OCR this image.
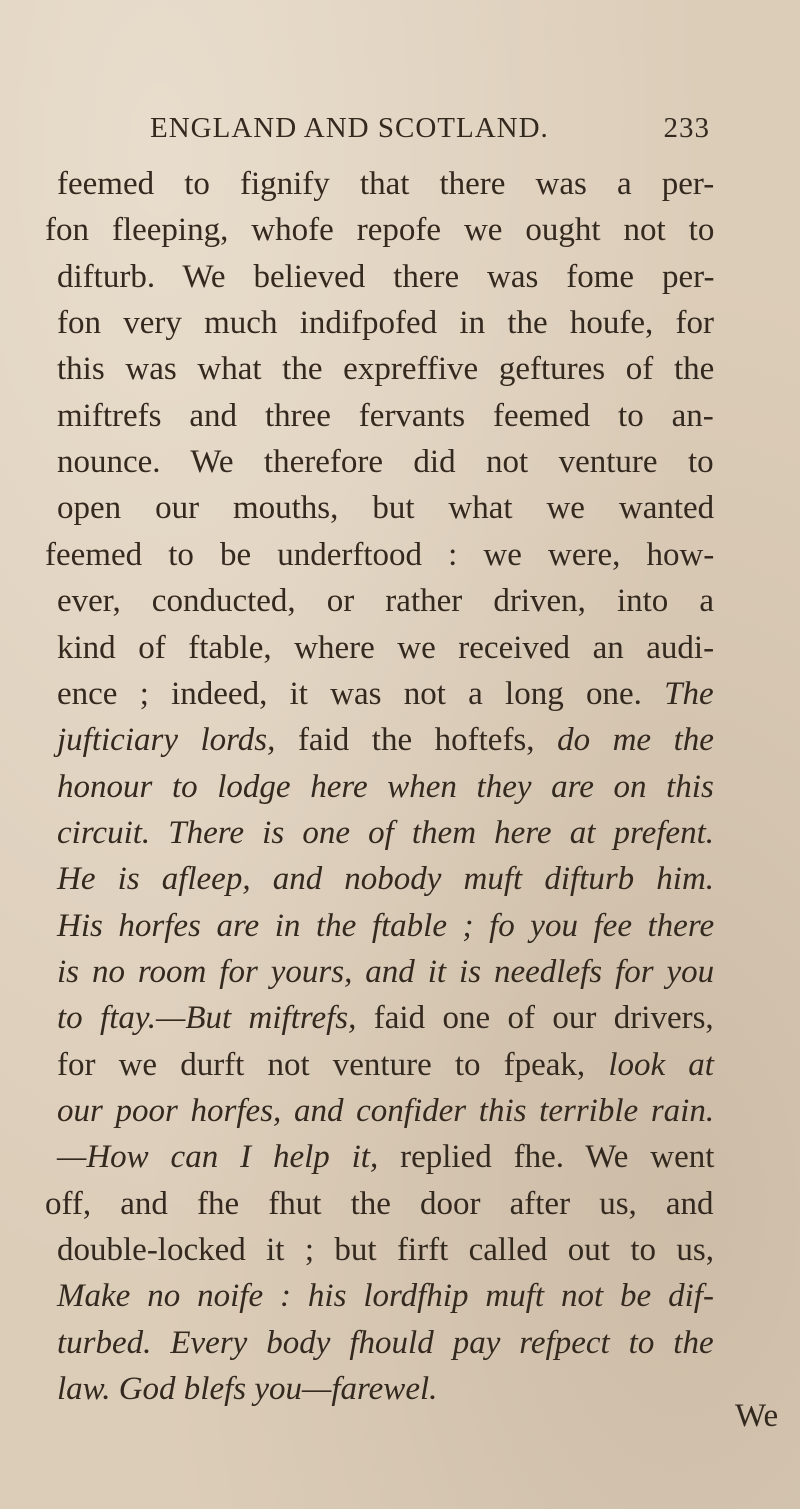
ENGLAND AND SCOTLAND.	233
feemed to fignify that there was a per-
fon fleeping, whofe repofe we ought not to
difturb. We believed there was fome per-
fon very much indifpofed in the houfe, for
this was what the expreffive geftures of the
miftrefs and three fervants feemed to an-
nounce. We therefore did not venture to
open our mouths, but what we wanted
feemed to be underftood : we were, how-
ever, conducted, or rather driven, into a
kind of ftable, where we received an audi-
ence ; indeed, it was not a long one. The
jufticiary lords, faid the hoftefs, do me the
honour to lodge here when they are on this
circuit. There is one of them here at prefent.
He is afleep, and nobody muft difturb him.
His horfes are in the ftable ; fo you fee there
is no room for yours, and it is needlefs for you
to ftay.—But miftrefs, faid one of our drivers,
for we durft not venture to fpeak, look at
our poor horfes, and confider this terrible rain.
—How can I help it, replied fhe. We went
off, and fhe fhut the door after us, and
double-locked it ; but firft called out to us,
Make no noife : his lordfhip muft not be dif-
turbed. Every body fhould pay refpect to the
law. God blefs you—farewel.
We
